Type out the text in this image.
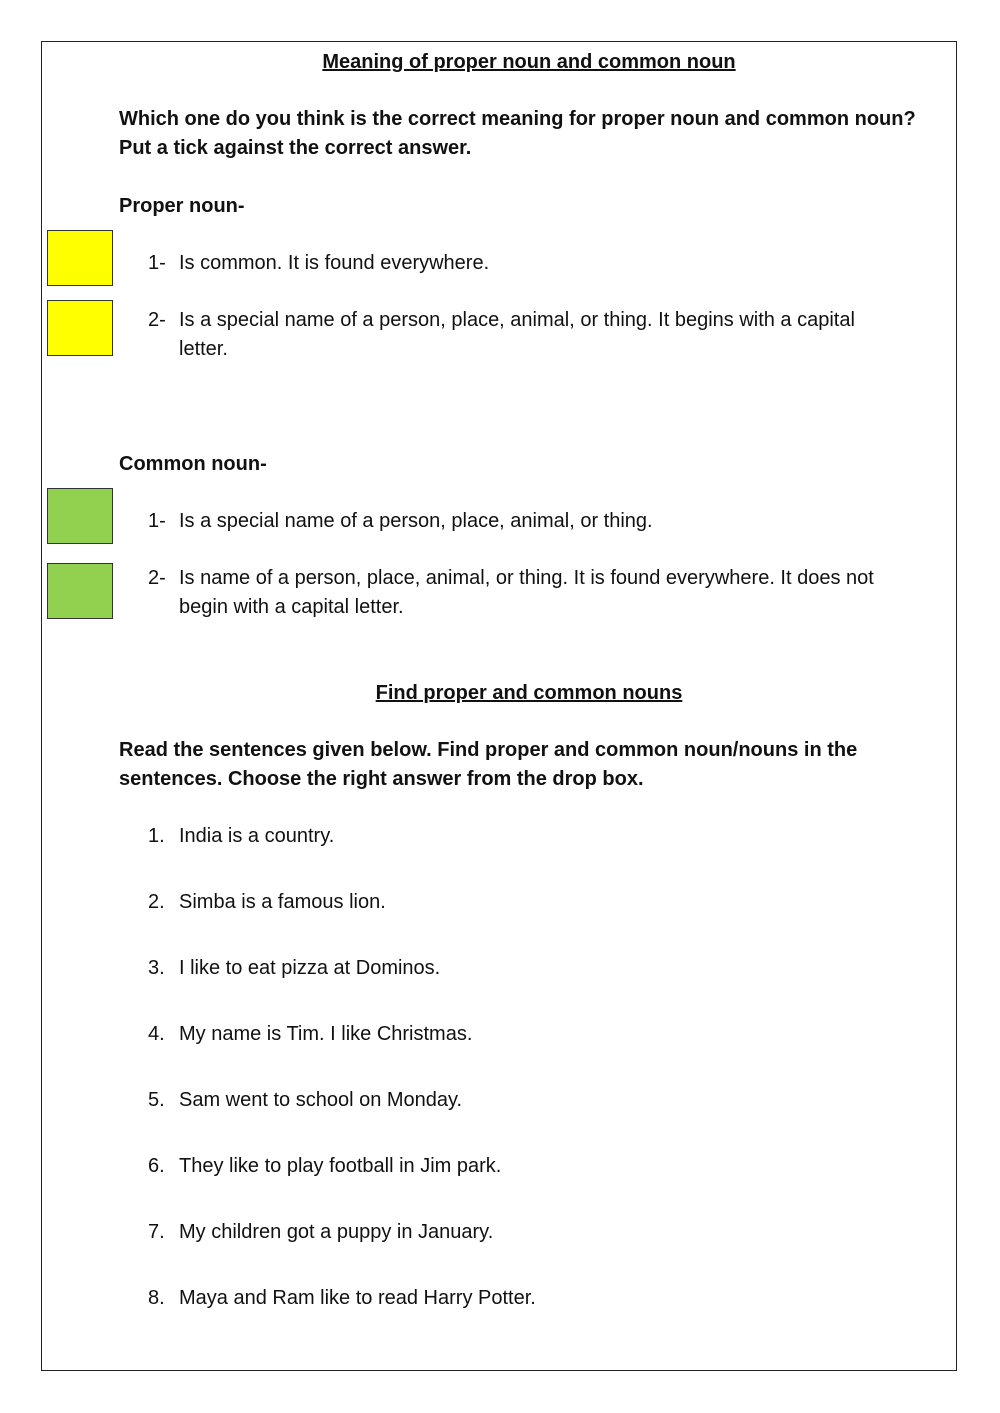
Meaning of proper noun and common noun
Which one do you think is the correct meaning for proper noun and common noun?
Put a tick against the correct answer.
Proper noun-
1- Is common. It is found everywhere.
2- Is a special name of a person, place, animal, or thing. It begins with a capital
letter.
Common noun-
1- Is a special name of a person, place, animal, or thing.
2- Is name of a person, place, animal, or thing. It is found everywhere. It does not
begin with a capital letter.
Find proper and common nouns
Read the sentences given below. Find proper and common noun/nouns in the
sentences. Choose the right answer from the drop box.
1. India is a country.
2. Simba is a famous lion.
3. I like to eat pizza at Dominos.
4. My name is Tim. I like Christmas.
5. Sam went to school on Monday.
6. They like to play football in Jim park.
7. My children got a puppy in January.
8. Maya and Ram like to read Harry Potter.
